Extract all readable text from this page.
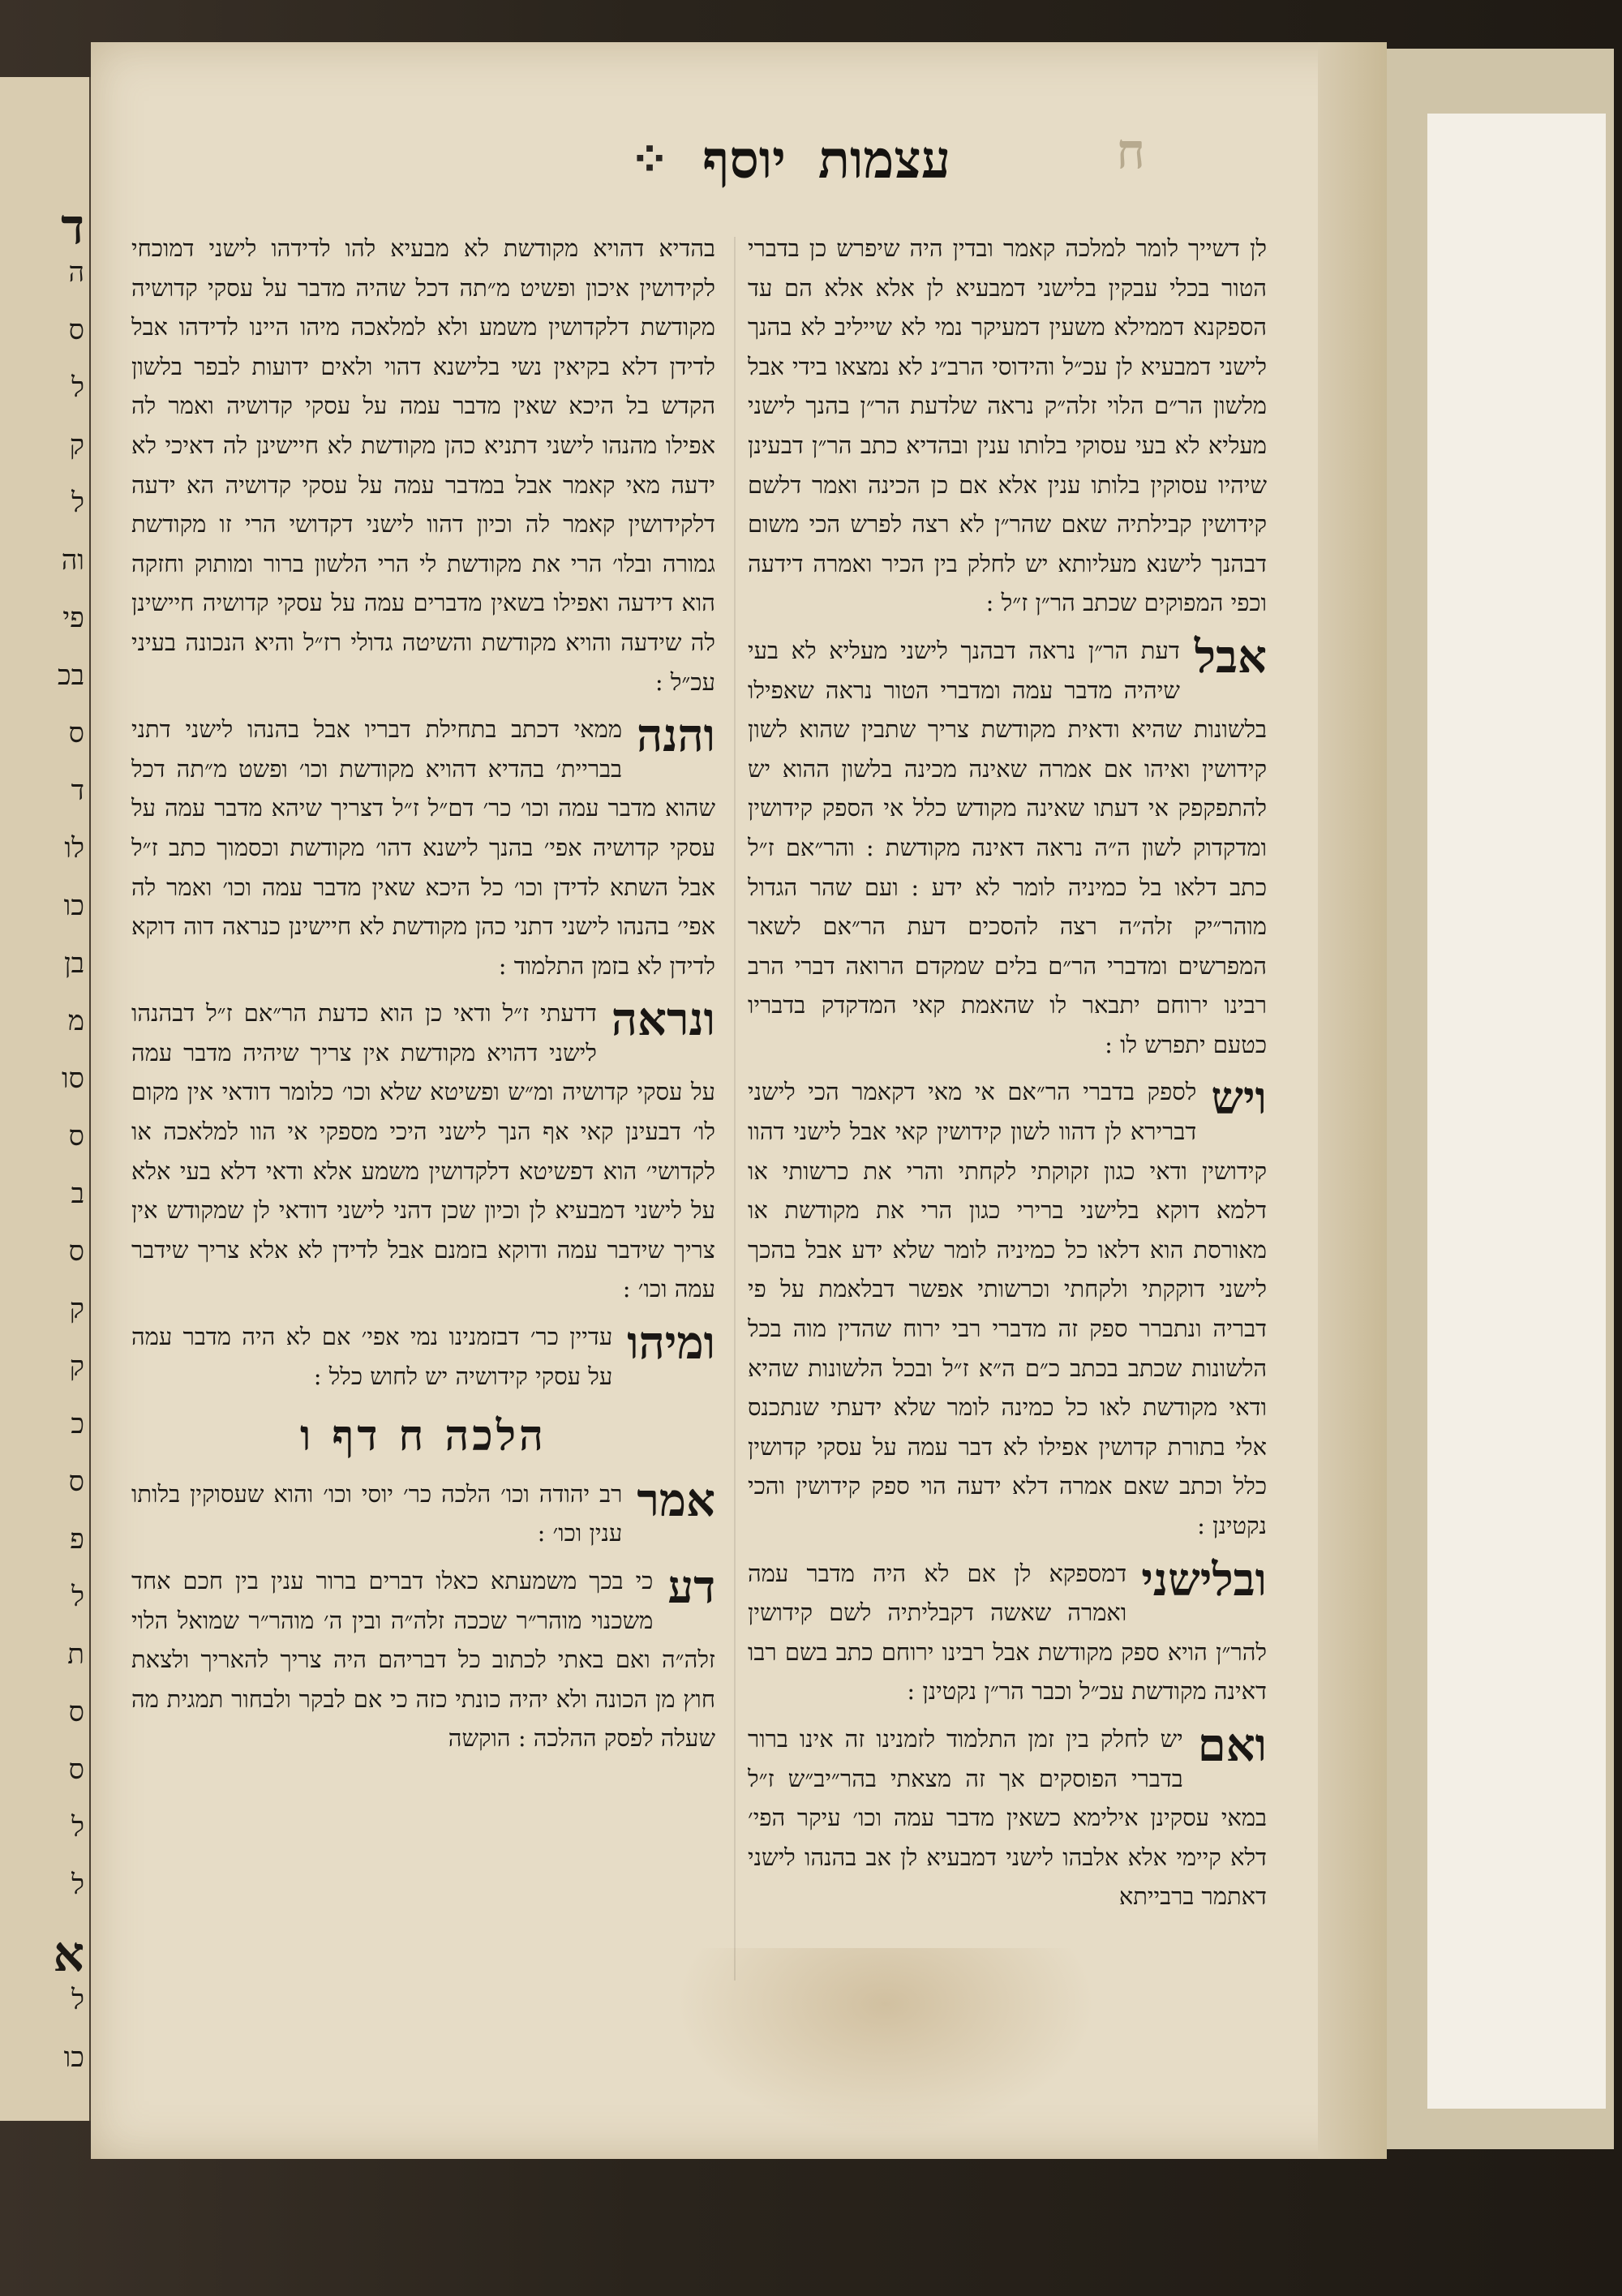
ד
ה
ס
ל
ק
ל
וה
פי
בכ
ס
ד
לו
כו
בן
מ
סו
ס
ב
ס
ק
ק
כ
ס
פ
ל
ת
ס
ס
ל
ל
א
ל
כו
עצמות
יוסף
⁘	ח

לן דשייך לומר למלכה קאמר ובדין היה שיפרש כן בדברי הטור בכלי עבקין בלישני דמבעיא לן אלא אלא הם עד הספקנא דממילא משעין דמעיקר נמי לא שייליב לא בהנך לישני דמבעיא לן עכ״ל והידוסי הרב״נ לא נמצאו בידי אבל מלשון הר״ם הלוי זלה״ק נראה שלדעת הר״ן בהנך לישני מעליא לא בעי עסוקי בלותו ענין ובהדיא כתב הר״ן דבעינן שיהיו עסוקין בלותו ענין אלא אם כן הכינה ואמר דלשם קידושין קבילתיה שאם שהר״ן לא רצה לפרש הכי משום דבהנך לישנא מעליותא יש לחלק בין הכיר ואמרה דידעה וכפי המפוקים שכתב הר״ן ז״ל :

אבל
דעת הר״ן נראה דבהנך לישני מעליא לא בעי שיהיה מדבר עמה ומדברי הטור נראה שאפילו בלשונות שהיא ודאית מקודשת צריך שתבין שהוא לשון קידושין ואיהו אם אמרה שאינה מכינה בלשון ההוא יש להתפקפק אי דעתו שאינה מקודש כלל אי הספק קידושין ומדקדוק לשון ה״ה נראה דאינה מקודשת : והר״אם ז״ל כתב דלאו בל כמיניה לומר לא ידע : ועם שהר הגדול מוהר״יק זלה״ה רצה להסכים דעת הר״אם לשאר המפרשים ומדברי הר״ם בלים שמקדם הרואה דברי הרב רבינו ירוחם יתבאר לו שהאמת קאי המדקדק בדבריו כטעם יתפרש לו :

ויש
לספק בדברי הר״אם אי מאי דקאמר הכי לישני דברירא לן דהוו לשון קידושין קאי אבל לישני דהוו קידושין ודאי כגון זקוקתי לקחתי והרי את כרשותי או דלמא דוקא בלישני ברירי כגון הרי את מקודשת או מאורסת הוא דלאו כל כמיניה לומר שלא ידע אבל בהכך לישני דוקקתי ולקחתי וכרשותי אפשר דבלאמת על פי דבריה ונתברר ספק זה מדברי רבי ירוח שהדין מוה בכל הלשונות שכתב בכתב כ״ם ה״א ז״ל ובכל הלשונות שהיא ודאי מקודשת לאו כל כמינה לומר שלא ידעתי שנתכנס אלי בתורת קדושין אפילו לא דבר עמה על עסקי קדושין כלל וכתב שאם אמרה דלא ידעה הוי ספק קידושין והכי נקטינן :

ובלישני
דמספקא לן אם לא היה מדבר עמה ואמרה שאשה דקבליתיה לשם קידושין להר״ן הויא ספק מקודשת אבל רבינו ירוחם כתב בשם רבו דאינה מקודשת עכ״ל וכבר הר״ן נקטינן :

ואם
יש לחלק בין זמן התלמוד לזמנינו זה אינו ברור בדברי הפוסקים אך זה מצאתי בהר״יב״ש ז״ל במאי עסקינן אילימא כשאין מדבר עמה וכו׳ עיקר הפי׳ דלא קיימי אלא אלבהו לישני דמבעיא לן אב בהנהו לישני דאתמר ברבייתא

בהדיא דהויא מקודשת לא מבעיא להו לדידהו לישני דמוכחי לקידושין איכון ופשיט מ״תה דכל שהיה מדבר על עסקי קדושיה מקודשת דלקדושין משמע ולא למלאכה מיהו היינו לדידהו אבל לדידן דלא בקיאין נשי בלישנא דהוי ולאים ידועות לבפר בלשון הקדש בל היכא שאין מדבר עמה על עסקי קדושיה ואמר לה אפילו מהנהו לישני דתניא כהן מקודשת לא חיישינן לה דאיכי לא ידעה מאי קאמר אבל במדבר עמה על עסקי קדושיה הא ידעה דלקידושין קאמר לה וכיון דהוו לישני דקדושי הרי זו מקודשת גמורה ובלו׳ הרי את מקודשת לי הרי הלשון ברור ומותוק וחזקה הוא דידעה ואפילו בשאין מדברים עמה על עסקי קדושיה חיישינן לה שידעה והויא מקודשת והשיטה גדולי רז״ל והיא הנכונה בעיני עכ״ל :

והנה
ממאי דכתב בתחילת דבריו אבל בהנהו לישני דתני בבריית׳ בהדיא דהויא מקודשת וכו׳ ופשט מ״תה דכל שהוא מדבר עמה וכו׳ כר׳ דם״ל ז״ל דצריך שיהא מדבר עמה על עסקי קדושיה אפי׳ בהנך לישנא דהו׳ מקודשת וכסמוך כתב ז״ל אבל השתא לדידן וכו׳ כל היכא שאין מדבר עמה וכו׳ ואמר לה אפי׳ בהנהו לישני דתני כהן מקודשת לא חיישינן כנראה דוה דוקא לדידן לא בזמן התלמוד :

ונראה
דדעתי ז״ל ודאי כן הוא כדעת הר״אם ז״ל דבהנהו לישני דהויא מקודשת אין צריך שיהיה מדבר עמה על עסקי קדושיה ומ״ש ופשיטא שלא וכו׳ כלומר דודאי אין מקום לו׳ דבעינן קאי אף הנך לישני היכי מספקי אי הוו למלאכה או לקדושי׳ הוא דפשיטא דלקדושין משמע אלא ודאי דלא בעי אלא על לישני דמבעיא לן וכיון שכן דהני לישני דודאי לן שמקודש אין צריך שידבר עמה ודוקא בזמנם אבל לדידן לא אלא צריך שידבר עמה וכו׳ :

ומיהו
עדיין כר׳ דבזמנינו נמי אפי׳ אם לא היה מדבר עמה על עסקי קידושיה יש לחוש כלל :

הלכה ח דף ו

אמר
רב יהודה וכו׳ הלכה כר׳ יוסי וכו׳ והוא שעסוקין בלותו ענין וכו׳ :

דע
כי בכך משמעתא כאלו דברים ברור ענין בין חכם אחד משכנוי מוהר״ר שככה זלה״ה ובין ה׳ מוהר״ר שמואל הלוי זלה״ה ואם באתי לכתוב כל דבריהם היה צריך להאריך ולצאת חוץ מן הכונה ולא יהיה כונתי כזה כי אם לבקר ולבחור תמגית מה שעלה לפסק ההלכה : הוקשה
